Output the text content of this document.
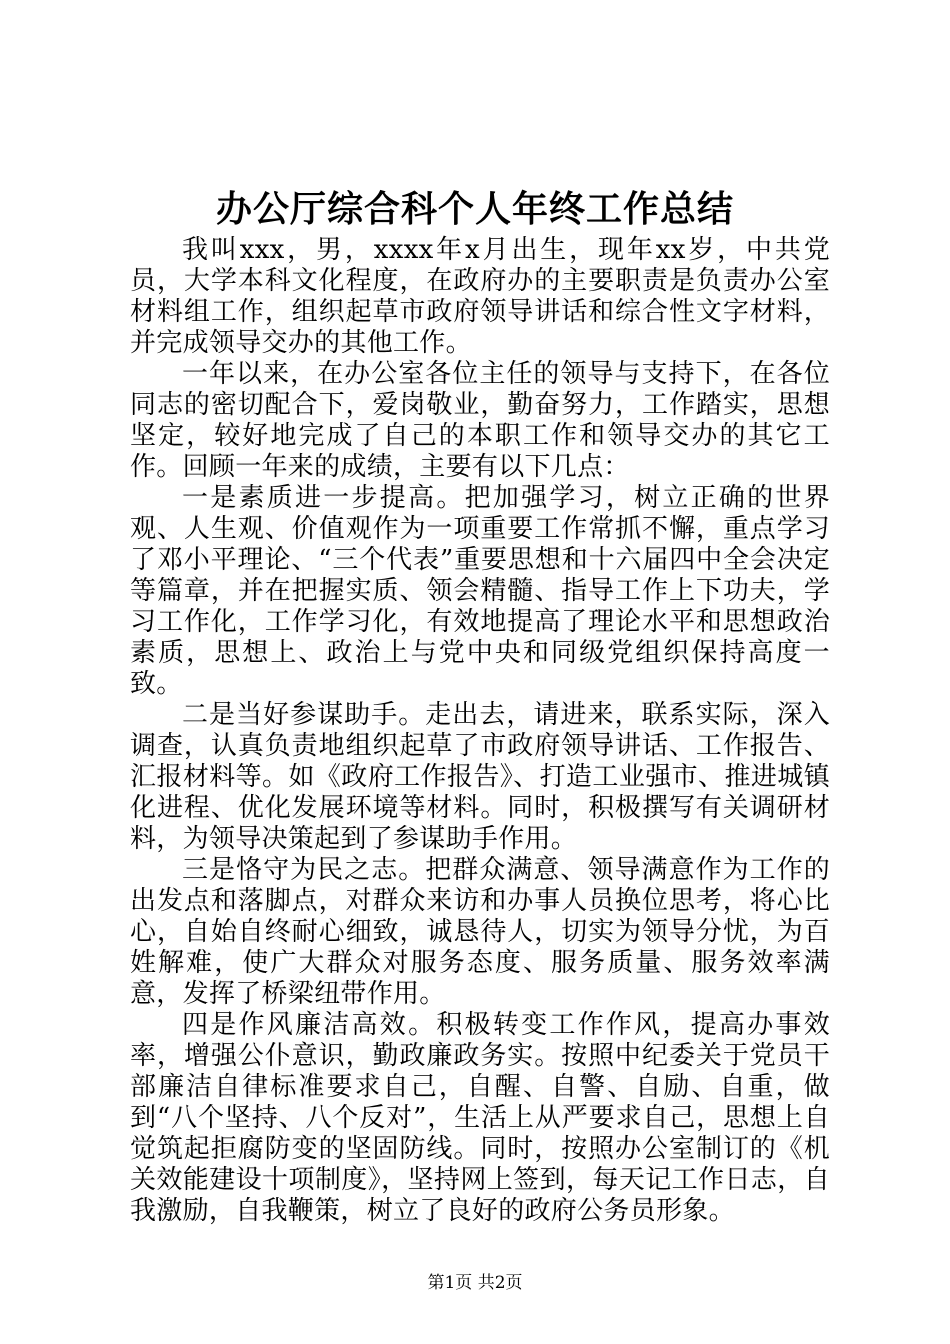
办公厅综合科个人年终工作总结

我叫xxx，男，xxxx年x月出生，现年xx岁，中共党员，大学本科文化程度，在政府办的主要职责是负责办公室材料组工作，组织起草市政府领导讲话和综合性文字材料，并完成领导交办的其他工作。

一年以来，在办公室各位主任的领导与支持下，在各位同志的密切配合下，爱岗敬业，勤奋努力，工作踏实，思想坚定，较好地完成了自己的本职工作和领导交办的其它工作。回顾一年来的成绩，主要有以下几点：

一是素质进一步提高。把加强学习，树立正确的世界观、人生观、价值观作为一项重要工作常抓不懈，重点学习了邓小平理论、“三个代表”重要思想和十六届四中全会决定等篇章，并在把握实质、领会精髓、指导工作上下功夫，学习工作化，工作学习化，有效地提高了理论水平和思想政治素质，思想上、政治上与党中央和同级党组织保持高度一致。

二是当好参谋助手。走出去，请进来，联系实际，深入调查，认真负责地组织起草了市政府领导讲话、工作报告、汇报材料等。如《政府工作报告》、打造工业强市、推进城镇化进程、优化发展环境等材料。同时，积极撰写有关调研材料，为领导决策起到了参谋助手作用。

三是恪守为民之志。把群众满意、领导满意作为工作的出发点和落脚点，对群众来访和办事人员换位思考，将心比心，自始自终耐心细致，诚恳待人，切实为领导分忧，为百姓解难，使广大群众对服务态度、服务质量、服务效率满意，发挥了桥梁纽带作用。

四是作风廉洁高效。积极转变工作作风，提高办事效率，增强公仆意识，勤政廉政务实。按照中纪委关于党员干部廉洁自律标准要求自己，自醒、自警、自励、自重，做到“八个坚持、八个反对”，生活上从严要求自己，思想上自觉筑起拒腐防变的坚固防线。同时，按照办公室制订的《机关效能建设十项制度》，坚持网上签到，每天记工作日志，自我激励，自我鞭策，树立了良好的政府公务员形象。

第1页 共2页
